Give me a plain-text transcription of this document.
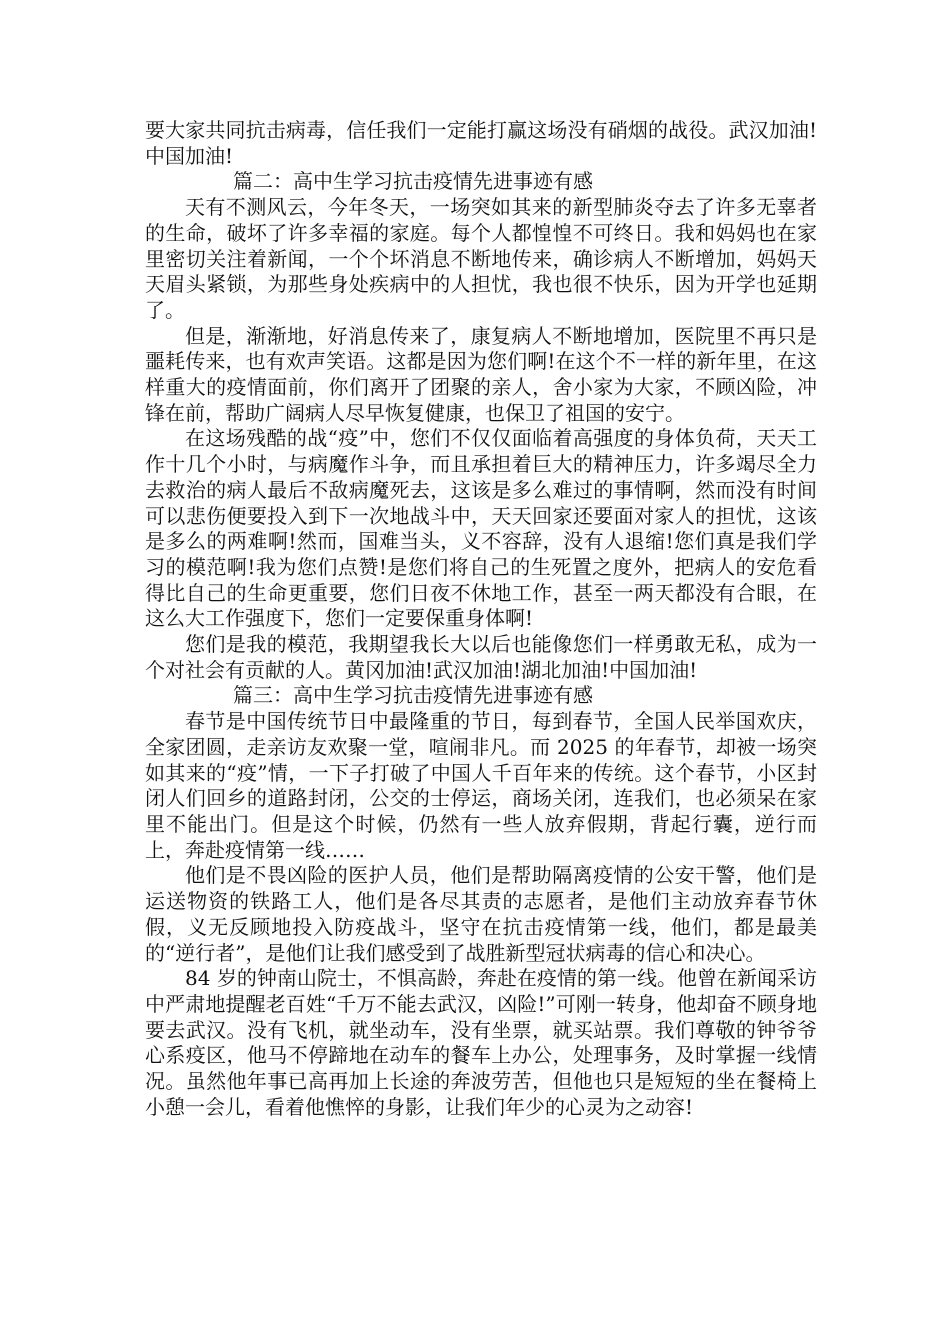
要大家共同抗击病毒，信任我们一定能打赢这场没有硝烟的战役。武汉加油!中国加油!

篇二：高中生学习抗击疫情先进事迹有感

天有不测风云，今年冬天，一场突如其来的新型肺炎夺去了许多无辜者的生命，破坏了许多幸福的家庭。每个人都惶惶不可终日。我和妈妈也在家里密切关注着新闻，一个个坏消息不断地传来，确诊病人不断增加，妈妈天天眉头紧锁，为那些身处疾病中的人担忧，我也很不快乐，因为开学也延期了。

但是，渐渐地，好消息传来了，康复病人不断地增加，医院里不再只是噩耗传来，也有欢声笑语。这都是因为您们啊!在这个不一样的新年里，在这样重大的疫情面前，你们离开了团聚的亲人，舍小家为大家，不顾凶险，冲锋在前，帮助广阔病人尽早恢复健康，也保卫了祖国的安宁。

在这场残酷的战“疫”中，您们不仅仅面临着高强度的身体负荷，天天工作十几个小时，与病魔作斗争，而且承担着巨大的精神压力，许多竭尽全力去救治的病人最后不敌病魔死去，这该是多么难过的事情啊，然而没有时间可以悲伤便要投入到下一次地战斗中，天天回家还要面对家人的担忧，这该是多么的两难啊!然而，国难当头，义不容辞，没有人退缩!您们真是我们学习的模范啊!我为您们点赞!是您们将自己的生死置之度外，把病人的安危看得比自己的生命更重要，您们日夜不休地工作，甚至一两天都没有合眼，在这么大工作强度下，您们一定要保重身体啊!

您们是我的模范，我期望我长大以后也能像您们一样勇敢无私，成为一个对社会有贡献的人。黄冈加油!武汉加油!湖北加油!中国加油!

篇三：高中生学习抗击疫情先进事迹有感

春节是中国传统节日中最隆重的节日，每到春节，全国人民举国欢庆，全家团圆，走亲访友欢聚一堂，喧闹非凡。而 2025 的年春节，却被一场突如其来的“疫”情，一下子打破了中国人千百年来的传统。这个春节，小区封闭人们回乡的道路封闭，公交的士停运，商场关闭，连我们，也必须呆在家里不能出门。但是这个时候，仍然有一些人放弃假期，背起行囊，逆行而上，奔赴疫情第一线……

他们是不畏凶险的医护人员，他们是帮助隔离疫情的公安干警，他们是运送物资的铁路工人，他们是各尽其责的志愿者，是他们主动放弃春节休假，义无反顾地投入防疫战斗，坚守在抗击疫情第一线，他们，都是最美的“逆行者”，是他们让我们感受到了战胜新型冠状病毒的信心和决心。

84 岁的钟南山院士，不惧高龄，奔赴在疫情的第一线。他曾在新闻采访中严肃地提醒老百姓“千万不能去武汉，凶险!”可刚一转身，他却奋不顾身地要去武汉。没有飞机，就坐动车，没有坐票，就买站票。我们尊敬的钟爷爷心系疫区，他马不停蹄地在动车的餐车上办公，处理事务，及时掌握一线情况。虽然他年事已高再加上长途的奔波劳苦，但他也只是短短的坐在餐椅上小憩一会儿，看着他憔悴的身影，让我们年少的心灵为之动容!
